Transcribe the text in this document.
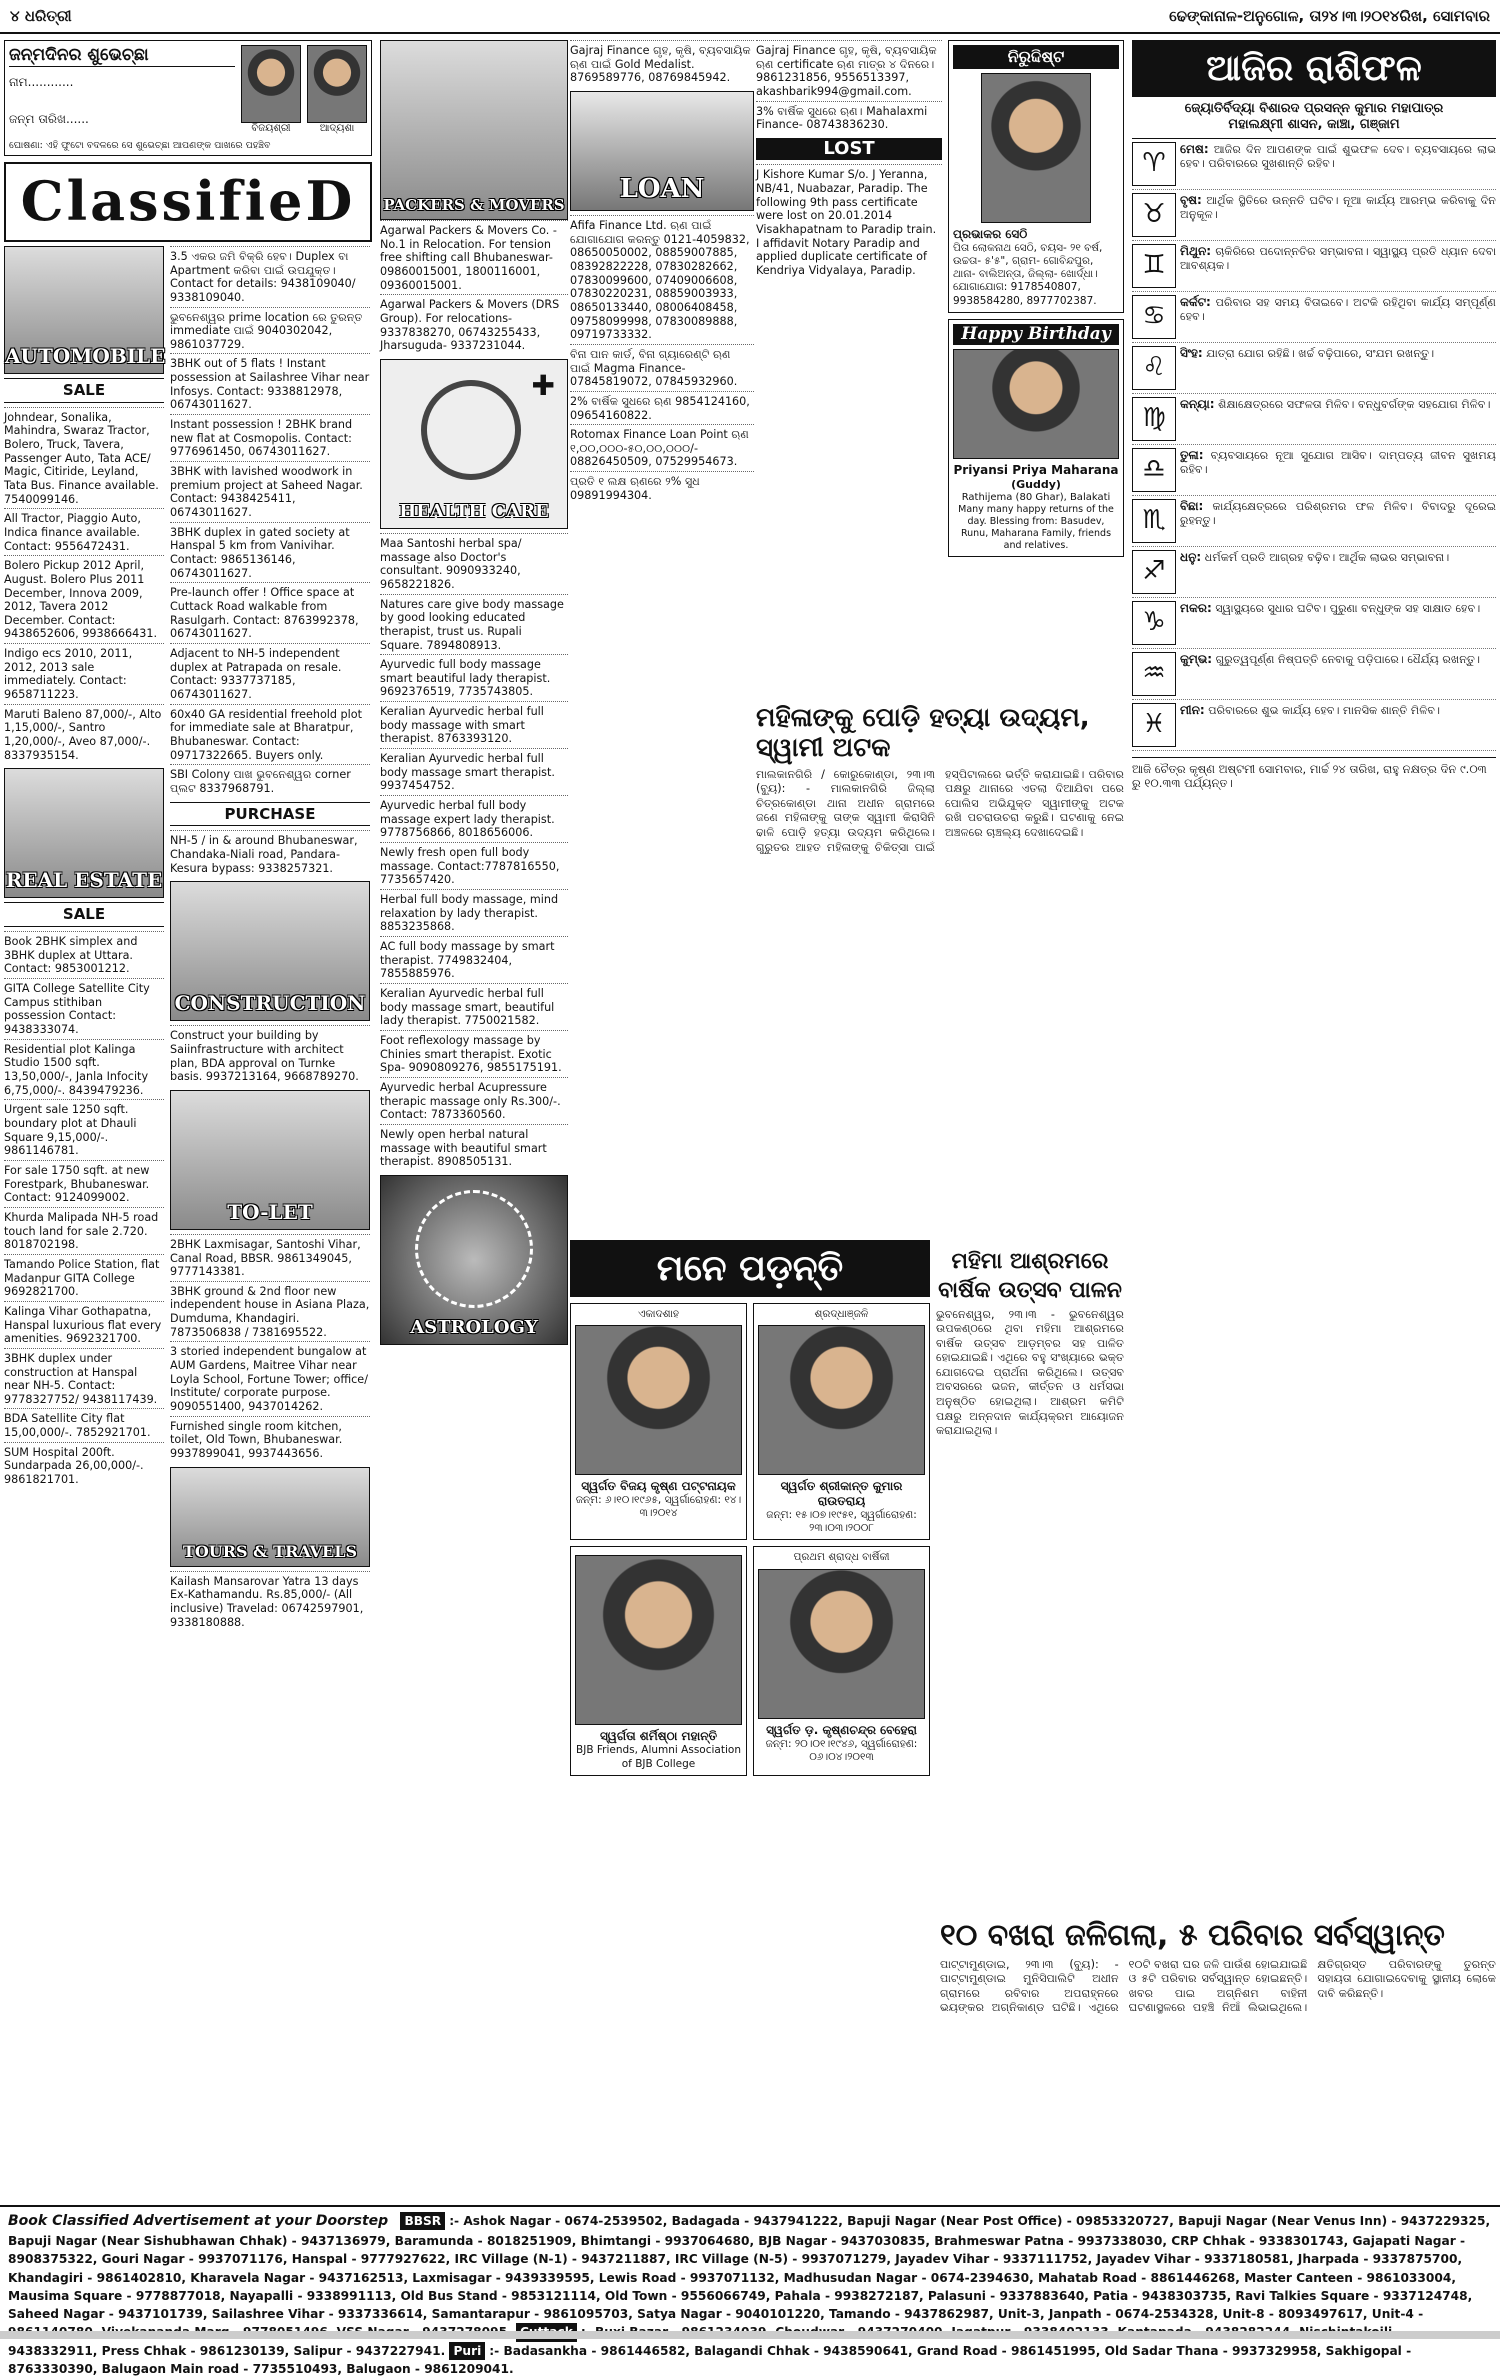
୪ ଧରିତ୍ରୀ	ଢେଙ୍କାନାଳ-ଅନୁଗୋଳ, ତା୨୪।୩।୨୦୧୪ରିଖ, ସୋମବାର
ଜନ୍ମଦିନର ଶୁଭେଚ୍ଛା
ନାମ............
ଜନ୍ମ ତାରିଖ......
ବିଜୟଶ୍ରୀ	ଆଦ୍ୟଶା
ଘୋଷଣା: ଏହି ଫୁଟୋ ବଦଳରେ ସେ ଶୁଭେଚ୍ଛା ଆପଣଙ୍କ ପାଖରେ ପହଞ୍ଚିବ
ClassifieD
AUTOMOBILE
SALE
Johndear, Sonalika, Mahindra, Swaraz Tractor, Bolero, Truck, Tavera, Passenger Auto, Tata ACE/ Magic, Citiride, Leyland, Tata Bus. Finance available. 7540099146.
All Tractor, Piaggio Auto, Indica finance available. Contact: 9556472431.
Bolero Pickup 2012 April, August. Bolero Plus 2011 December, Innova 2009, 2012, Tavera 2012 December. Contact: 9438652606, 9938666431.
Indigo ecs 2010, 2011, 2012, 2013 sale immediately. Contact: 9658711223.
Maruti Baleno 87,000/-, Alto 1,15,000/-, Santro 1,20,000/-, Aveo 87,000/-. 8337935154.
REAL ESTATE
SALE
Book 2BHK simplex and 3BHK duplex at Uttara. Contact: 9853001212.
GITA College Satellite City Campus stithiban possession Contact: 9438333074.
Residential plot Kalinga Studio 1500 sqft. 13,50,000/-, Janla Infocity 6,75,000/-. 8439479236.
Urgent sale 1250 sqft. boundary plot at Dhauli Square 9,15,000/-. 9861146781.
For sale 1750 sqft. at new Forestpark, Bhubaneswar. Contact: 9124099002.
Khurda Malipada NH-5 road touch land for sale 2.720. 8018702198.
Tamando Police Station, flat Madanpur GITA College 9692821700.
Kalinga Vihar Gothapatna, Hanspal luxurious flat every amenities. 9692321700.
3BHK duplex under construction at Hanspal near NH-5. Contact: 9778327752/ 9438117439.
BDA Satellite City flat 15,00,000/-. 7852921701.
SUM Hospital 200ft. Sundarpada 26,00,000/-. 9861821701.
3.5 ଏକର ଜମି ବିକ୍ରି ହେବ। Duplex ବା Apartment କରିବା ପାଇଁ ଉପଯୁକ୍ତ। Contact for details: 9438109040/ 9338109040.
ଭୁବନେଶ୍ୱର prime location ରେ ତୁରନ୍ତ immediate ପାଇଁ 9040302042, 9861037729.
3BHK out of 5 flats ! Instant possession at Sailashree Vihar near Infosys. Contact: 9338812978, 06743011627.
Instant possession ! 2BHK brand new flat at Cosmopolis. Contact: 9776961450, 06743011627.
3BHK with lavished woodwork in premium project at Saheed Nagar. Contact: 9438425411, 06743011627.
3BHK duplex in gated society at Hanspal 5 km from Vanivihar. Contact: 9865136146, 06743011627.
Pre-launch offer ! Office space at Cuttack Road walkable from Rasulgarh. Contact: 8763992378, 06743011627.
Adjacent to NH-5 independent duplex at Patrapada on resale. Contact: 9337737185, 06743011627.
60x40 GA residential freehold plot for immediate sale at Bharatpur, Bhubaneswar. Contact: 09717322665. Buyers only.
SBI Colony ପାଖ ଭୁବନେଶ୍ୱର corner ପ୍ଲଟ 8337968791.
PURCHASE
NH-5 / in & around Bhubaneswar, Chandaka-Niali road, Pandara- Kesura bypass: 9338257321.
CONSTRUCTION
Construct your building by Saiinfrastructure with architect plan, BDA approval on Turnke basis. 9937213164, 9668789270.
TO-LET
2BHK Laxmisagar, Santoshi Vihar, Canal Road, BBSR. 9861349045, 9777143381.
3BHK ground & 2nd floor new independent house in Asiana Plaza, Dumduma, Khandagiri. 7873506838 / 7381695522.
3 storied independent bungalow at AUM Gardens, Maitree Vihar near Loyla School, Fortune Tower; office/ Institute/ corporate purpose. 9090551400, 9437014262.
Furnished single room kitchen, toilet, Old Town, Bhubaneswar. 9937899041, 9937443656.
TOURS & TRAVELS
Kailash Mansarovar Yatra 13 days Ex-Kathamandu. Rs.85,000/- (All inclusive) Travelad: 06742597901, 9338180888.
PACKERS & MOVERS
Agarwal Packers & Movers Co. - No.1 in Relocation. For tension free shifting call Bhubaneswar- 09860015001, 1800116001, 09360015001.
Agarwal Packers & Movers (DRS Group). For relocations- 9337838270, 06743255433, Jharsuguda- 9337231044.
✚
HEALTH CARE
Maa Santoshi herbal spa/ massage also Doctor's consultant. 9090933240, 9658221826.
Natures care give body massage by good looking educated therapist, trust us. Rupali Square. 7894808913.
Ayurvedic full body massage smart beautiful lady therapist. 9692376519, 7735743805.
Keralian Ayurvedic herbal full body massage with smart therapist. 8763393120.
Keralian Ayurvedic herbal full body massage smart therapist. 9937454752.
Ayurvedic herbal full body massage expert lady therapist. 9778756866, 8018656006.
Newly fresh open full body massage. Contact:7787816550, 7735657420.
Herbal full body massage, mind relaxation by lady therapist. 8853235868.
AC full body massage by smart therapist. 7749832404, 7855885976.
Keralian Ayurvedic herbal full body massage smart, beautiful lady therapist. 7750021582.
Foot reflexology massage by Chinies smart therapist. Exotic Spa- 9090809276, 9855175191.
Ayurvedic herbal Acupressure therapic massage only Rs.300/-. Contact: 7873360560.
Newly open herbal natural massage with beautiful smart therapist. 8908505131.
ASTROLOGY
Gajraj Finance ଗୃହ, କୃଷି, ବ୍ୟବସାୟିକ ଋଣ ପାଇଁ Gold Medalist. 8769589776, 08769845942.
LOAN
Afifa Finance Ltd. ଋଣ ପାଇଁ ଯୋଗାଯୋଗ କରନ୍ତୁ 0121-4059832, 08650050002, 08859007885, 08392822228, 07830282662, 07830099600, 07409006608, 07830220231, 08859003933, 08650133440, 08006408458, 09758099998, 07830089888, 09719733332.
ବିନା ପାନ କାର୍ଡ, ବିନା ଗ୍ୟାରେଣ୍ଟି ଋଣ ପାଇଁ Magma Finance- 07845819072, 07845932960.
2% ବାର୍ଷିକ ସୁଧରେ ଋଣ 9854124160, 09654160822.
Rotomax Finance Loan Point ଋଣ ୧,୦୦,୦୦୦-୫୦,୦୦,୦୦୦/- 08826450509, 07529954673.
ପ୍ରତି ୧ ଲକ୍ଷ ଋଣରେ ୨% ସୁଧ 09891994304.
Gajraj Finance ଗୃହ, କୃଷି, ବ୍ୟବସାୟିକ ଋଣ certificate ଋଣ ମାତ୍ର ୪ ଦିନରେ। 9861231856, 9556513397, akashbarik994@gmail.com.
3% ବାର୍ଷିକ ସୁଧରେ ଋଣ। Mahalaxmi Finance- 08743836230.
LOST
J Kishore Kumar S/o. J Yeranna, NB/41, Nuabazar, Paradip. The following 9th pass certificate were lost on 20.01.2014 Visakhapatnam to Paradip train. I affidavit Notary Paradip and applied duplicate certificate of Kendriya Vidyalaya, Paradip.
ନିରୁଦ୍ଦିଷ୍ଟ
ପ୍ରଭାକର ସେଠି
ପିତା ଲୋକନାଥ ସେଠି, ବୟସ- ୨୧ ବର୍ଷ, ଉଚ୍ଚତା- ୫'୫", ଗ୍ରାମ- ଗୋବିନ୍ଦପୁର, ଥାନା- ବାଲିଅନ୍ତା, ଜିଲ୍ଲା- ଖୋର୍ଦ୍ଧା। ଯୋଗାଯୋଗ: 9178540807, 9938584280, 8977702387.
Happy Birthday
Priyansi Priya Maharana
(Guddy)
Rathijema (80 Ghar), Balakati
Many many happy returns of the day. Blessing from: Basudev, Runu, Maharana Family, friends and relatives.
ମହିଳାଙ୍କୁ ପୋଡ଼ି ହତ୍ୟା ଉଦ୍ୟମ, ସ୍ୱାମୀ ଅଟକ
ମାଲକାନଗିରି / କୋରୁକୋଣ୍ଡା, ୨୩।୩ (ବ୍ୟୁ): - ମାଲକାନଗିରି ଜିଲ୍ଲା ଚିତ୍ରକୋଣ୍ଡା ଥାନା ଅଧୀନ ଗ୍ରାମରେ ଜଣେ ମହିଳାଙ୍କୁ ତାଙ୍କ ସ୍ୱାମୀ କିରାସିନି ଢାଳି ପୋଡ଼ି ହତ୍ୟା ଉଦ୍ୟମ କରିଥିଲେ। ଗୁରୁତର ଆହତ ମହିଳାଙ୍କୁ ଚିକିତ୍ସା ପାଇଁ ହସ୍ପିଟାଲରେ ଭର୍ତ୍ତି କରାଯାଇଛି। ପରିବାର ପକ୍ଷରୁ ଥାନାରେ ଏତଲା ଦିଆଯିବା ପରେ ପୋଲିସ ଅଭିଯୁକ୍ତ ସ୍ୱାମୀଙ୍କୁ ଅଟକ ରଖି ପଚରାଉଚରା କରୁଛି। ଘଟଣାକୁ ନେଇ ଅଞ୍ଚଳରେ ଚାଞ୍ଚଲ୍ୟ ଦେଖାଦେଇଛି।
ମନେ ପଡ଼ନ୍ତି
ଏକାଦଶାହ
ସ୍ୱର୍ଗତ ବିଜୟ କୃଷ୍ଣ ପଟ୍ଟନାୟକ
ଜନ୍ମ: ୬।୧୦।୧୯୬୫, ସ୍ୱର୍ଗାରୋହଣ: ୧୪।୩।୨୦୧୪
ଶ୍ରଦ୍ଧାଞ୍ଜଳି
ସ୍ୱର୍ଗତ ଶ୍ରୀକାନ୍ତ କୁମାର ରାଉତରାୟ
ଜନ୍ମ: ୧୫।୦୭।୧୯୫୧, ସ୍ୱର୍ଗାରୋହଣ: ୨୩।୦୩।୨୦୦୮
ସ୍ୱର୍ଗତା ଶର୍ମିଷ୍ଠା ମହାନ୍ତି
BJB Friends, Alumni Association of BJB College
ପ୍ରଥମ ଶ୍ରାଦ୍ଧ ବାର୍ଷିକୀ
ସ୍ୱର୍ଗତ ଡ଼. କୃଷ୍ଣଚନ୍ଦ୍ର ବେହେରା
ଜନ୍ମ: ୨୦।୦୧।୧୯୪୬, ସ୍ୱର୍ଗାରୋହଣ: ୦୬।୦୪।୨୦୧୩
ମହିମା ଆଶ୍ରମରେ
ବାର୍ଷିକ ଉତ୍ସବ ପାଳନ
ଭୁବନେଶ୍ୱର, ୨୩।୩ - ଭୁବନେଶ୍ୱର ଉପକଣ୍ଠରେ ଥିବା ମହିମା ଆଶ୍ରମରେ ବାର୍ଷିକ ଉତ୍ସବ ଆଡ଼ମ୍ବର ସହ ପାଳିତ ହୋଇଯାଇଛି। ଏଥିରେ ବହୁ ସଂଖ୍ୟାରେ ଭକ୍ତ ଯୋଗଦେଇ ପ୍ରାର୍ଥନା କରିଥିଲେ। ଉତ୍ସବ ଅବସରରେ ଭଜନ, କୀର୍ତ୍ତନ ଓ ଧର୍ମସଭା ଅନୁଷ୍ଠିତ ହୋଇଥିଲା। ଆଶ୍ରମ କମିଟି ପକ୍ଷରୁ ଅନ୍ନଦାନ କାର୍ଯ୍ୟକ୍ରମ ଆୟୋଜନ କରାଯାଇଥିଲା।
ଆଜିର ରାଶିଫଳ
ଜ୍ୟୋତିର୍ବିଦ୍ୟା ବିଶାରଦ ପ୍ରସନ୍ନ କୁମାର ମହାପାତ୍ର
ମହାଲକ୍ଷ୍ମୀ ଶାସନ, କାଞ୍ଚା, ଗଞ୍ଜାମ
♈	ମେଷ: ଆଜିର ଦିନ ଆପଣଙ୍କ ପାଇଁ ଶୁଭଫଳ ଦେବ। ବ୍ୟବସାୟରେ ଲାଭ ହେବ। ପରିବାରରେ ସୁଖଶାନ୍ତି ରହିବ।
♉	ବୃଷ: ଆର୍ଥିକ ସ୍ଥିତିରେ ଉନ୍ନତି ଘଟିବ। ନୂଆ କାର୍ଯ୍ୟ ଆରମ୍ଭ କରିବାକୁ ଦିନ ଅନୁକୂଳ।
♊	ମିଥୁନ: ଚାକିରିରେ ପଦୋନ୍ନତିର ସମ୍ଭାବନା। ସ୍ୱାସ୍ଥ୍ୟ ପ୍ରତି ଧ୍ୟାନ ଦେବା ଆବଶ୍ୟକ।
♋	କର୍କଟ: ପରିବାର ସହ ସମୟ ବିତାଇବେ। ଅଟକି ରହିଥିବା କାର୍ଯ୍ୟ ସମ୍ପୂର୍ଣ୍ଣ ହେବ।
♌	ସିଂହ: ଯାତ୍ରା ଯୋଗ ରହିଛି। ଖର୍ଚ୍ଚ ବଢ଼ିପାରେ, ସଂଯମ ରଖନ୍ତୁ।
♍	କନ୍ୟା: ଶିକ୍ଷାକ୍ଷେତ୍ରରେ ସଫଳତା ମିଳିବ। ବନ୍ଧୁବର୍ଗଙ୍କ ସହଯୋଗ ମିଳିବ।
♎	ତୁଳା: ବ୍ୟବସାୟରେ ନୂଆ ସୁଯୋଗ ଆସିବ। ଦାମ୍ପତ୍ୟ ଜୀବନ ସୁଖମୟ ରହିବ।
♏	ବିଛା: କାର୍ଯ୍ୟକ୍ଷେତ୍ରରେ ପରିଶ୍ରମର ଫଳ ମିଳିବ। ବିବାଦରୁ ଦୂରେଇ ରୁହନ୍ତୁ।
♐	ଧନୁ: ଧର୍ମକର୍ମ ପ୍ରତି ଆଗ୍ରହ ବଢ଼ିବ। ଆର୍ଥିକ ଲାଭର ସମ୍ଭାବନା।
♑	ମକର: ସ୍ୱାସ୍ଥ୍ୟରେ ସୁଧାର ଘଟିବ। ପୁରୁଣା ବନ୍ଧୁଙ୍କ ସହ ସାକ୍ଷାତ ହେବ।
♒	କୁମ୍ଭ: ଗୁରୁତ୍ୱପୂର୍ଣ୍ଣ ନିଷ୍ପତ୍ତି ନେବାକୁ ପଡ଼ିପାରେ। ଧୈର୍ଯ୍ୟ ରଖନ୍ତୁ।
♓	ମୀନ: ପରିବାରରେ ଶୁଭ କାର୍ଯ୍ୟ ହେବ। ମାନସିକ ଶାନ୍ତି ମିଳିବ।
ଆଜି ଚୈତ୍ର କୃଷ୍ଣ ଅଷ୍ଟମୀ ସୋମବାର, ମାର୍ଚ୍ଚ ୨୪ ତାରିଖ, ରାହୁ ନକ୍ଷତ୍ର ଦିନ ୯.୦୩ ରୁ ୧୦.୩୩ ପର୍ଯ୍ୟନ୍ତ।
୧୦ ବଖରା ଜଳିଗଲା, ୫ ପରିବାର ସର୍ବସ୍ୱାନ୍ତ
ପାଟ୍ଟାମୁଣ୍ଡାଇ, ୨୩।୩ (ବ୍ୟୁ): - ପାଟ୍ଟାମୁଣ୍ଡାଇ ମୁନିସିପାଲିଟି ଅଧୀନ ଗ୍ରାମରେ ରବିବାର ଅପରାହ୍ନରେ ଭୟଙ୍କର ଅଗ୍ନିକାଣ୍ଡ ଘଟିଛି। ଏଥିରେ ୧୦ଟି ବଖରା ଘର ଜଳି ପାଉଁଶ ହୋଇଯାଇଛି ଓ ୫ଟି ପରିବାର ସର୍ବସ୍ୱାନ୍ତ ହୋଇଛନ୍ତି। ଖବର ପାଇ ଅଗ୍ନିଶମ ବାହିନୀ ଘଟଣାସ୍ଥଳରେ ପହଞ୍ଚି ନିଆଁ ଲିଭାଇଥିଲେ। କ୍ଷତିଗ୍ରସ୍ତ ପରିବାରଙ୍କୁ ତୁରନ୍ତ ସହାୟତା ଯୋଗାଇଦେବାକୁ ସ୍ଥାନୀୟ ଲୋକେ ଦାବି କରିଛନ୍ତି।
Book Classified Advertisement at your Doorstep BBSR :- Ashok Nagar - 0674-2539502, Badagada - 9437941222, Bapuji Nagar (Near Post Office) - 09853320727, Bapuji Nagar (Near Venus Inn) - 9437229325, Bapuji Nagar (Near Sishubhawan Chhak) - 9437136979, Baramunda - 8018251909, Bhimtangi - 9937064680, BJB Nagar - 9437030835, Brahmeswar Patna - 9937338030, CRP Chhak - 9338301743, Gajapati Nagar - 8908375322, Gouri Nagar - 9937071176, Hanspal - 9777927622, IRC Village (N-1) - 9437211887, IRC Village (N-5) - 9937071279, Jayadev Vihar - 9337111752, Jayadev Vihar - 9337180581, Jharpada - 9337875700, Khandagiri - 9861402810, Kharavela Nagar - 9437162513, Laxmisagar - 9439339595, Lewis Road - 9937071132, Madhusudan Nagar - 0674-2394630, Mahatab Road - 8861446268, Master Canteen - 9861033004, Mausima Square - 9778877018, Nayapalli - 9338991113, Old Bus Stand - 9853121114, Old Town - 9556066749, Pahala - 9938272187, Palasuni - 9337883640, Patia - 9438303735, Ravi Talkies Square - 9337124748, Saheed Nagar - 9437101739, Sailashree Vihar - 9337336614, Samantarapur - 9861095703, Satya Nagar - 9040101220, Tamando - 9437862987, Unit-3, Janpath - 0674-2534328, Unit-8 - 8093497617, Unit-4 -  9438332911, Press Chhak - 9861230139, Salipur - 9437227941. Puri :- Badasankha - 9861446582, Balagandi Chhak - 9438590641, Grand Road - 9861451995, Old Sadar Thana - 9937329958, Sakhigopal - 8763330390, Balugaon Main road - 7735510493, Balugaon - 9861209041.
